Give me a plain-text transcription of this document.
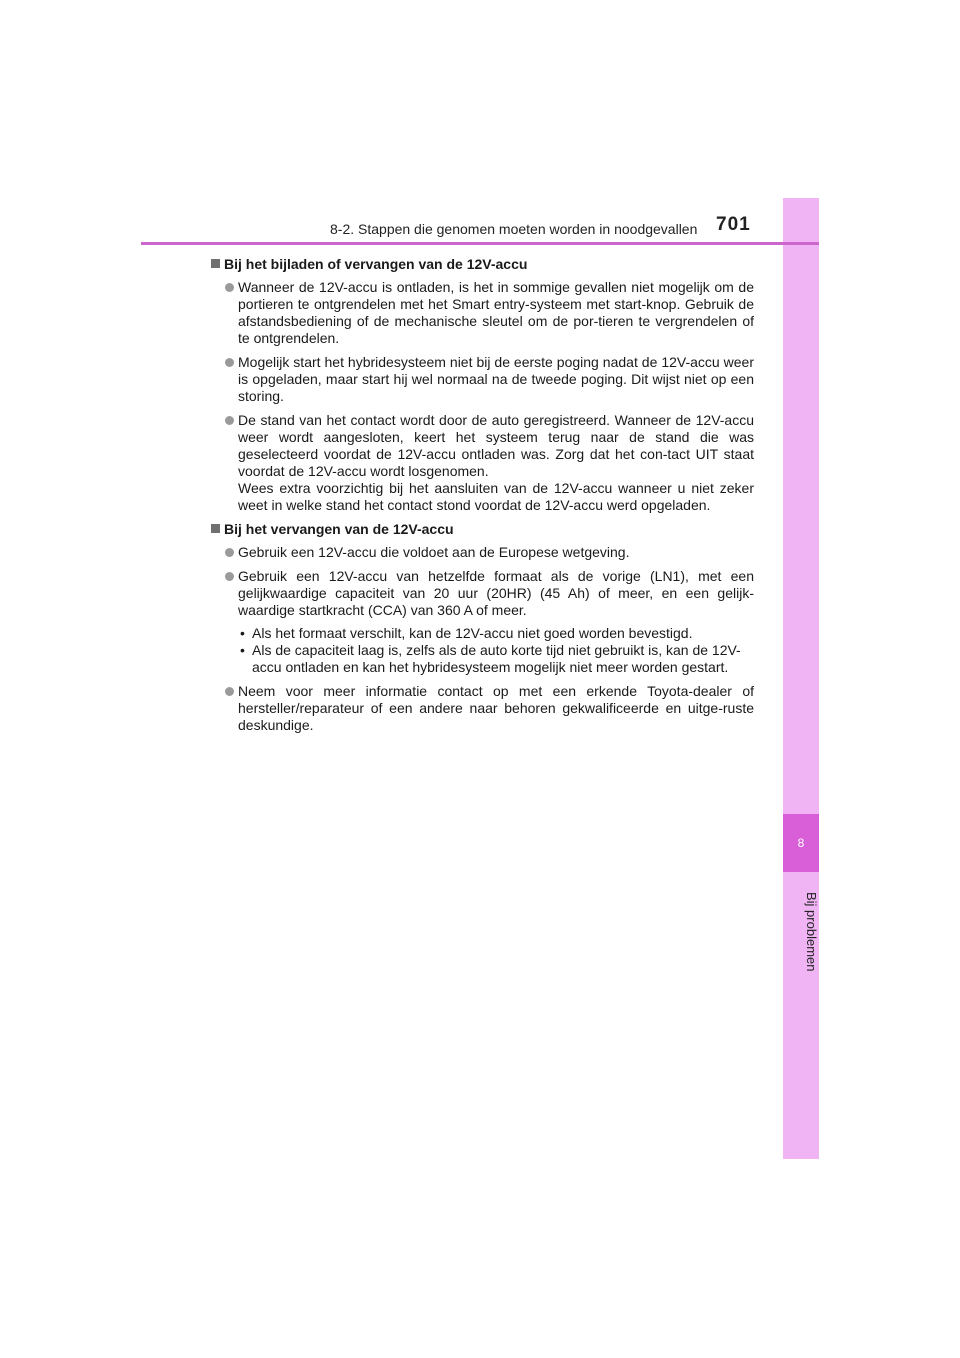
8
Bij problemen
8-2. Stappen die genomen moeten worden in noodgevallen 701
Bij het bijladen of vervangen van de 12V-accu

Wanneer de 12V-accu is ontladen, is het in sommige gevallen niet mogelijk om de portieren te ontgrendelen met het Smart entry-systeem met start-knop. Gebruik de afstandsbediening of de mechanische sleutel om de por-tieren te vergrendelen of te ontgrendelen.

Mogelijk start het hybridesysteem niet bij de eerste poging nadat de 12V-accu weer is opgeladen, maar start hij wel normaal na de tweede poging. Dit wijst niet op een storing.

De stand van het contact wordt door de auto geregistreerd. Wanneer de 12V-accu weer wordt aangesloten, keert het systeem terug naar de stand die was geselecteerd voordat de 12V-accu ontladen was. Zorg dat het con-tact UIT staat voordat de 12V-accu wordt losgenomen.

Wees extra voorzichtig bij het aansluiten van de 12V-accu wanneer u niet zeker weet in welke stand het contact stond voordat de 12V-accu werd opgeladen.

Bij het vervangen van de 12V-accu

Gebruik een 12V-accu die voldoet aan de Europese wetgeving.

Gebruik een 12V-accu van hetzelfde formaat als de vorige (LN1), met een gelijkwaardige capaciteit van 20 uur (20HR) (45 Ah) of meer, en een gelijk-waardige startkracht (CCA) van 360 A of meer.

• Als het formaat verschilt, kan de 12V-accu niet goed worden bevestigd.
• Als de capaciteit laag is, zelfs als de auto korte tijd niet gebruikt is, kan de 12V-accu ontladen en kan het hybridesysteem mogelijk niet meer worden gestart.

Neem voor meer informatie contact op met een erkende Toyota-dealer of hersteller/reparateur of een andere naar behoren gekwalificeerde en uitge-ruste deskundige.
